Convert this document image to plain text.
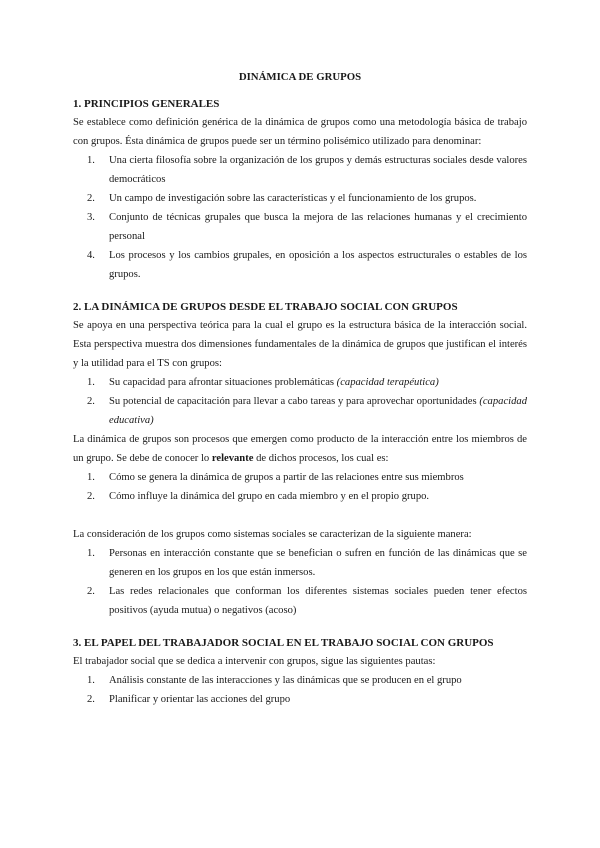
DINÁMICA DE GRUPOS
1. PRINCIPIOS GENERALES

Se establece como definición genérica de la dinámica de grupos como una metodología básica de trabajo con grupos. Ésta dinámica de grupos puede ser un término polisémico utilizado para denominar:

1.	Una cierta filosofía sobre la organización de los grupos y demás estructuras sociales desde valores democráticos
2.	Un campo de investigación sobre las características y el funcionamiento de los grupos.
3.	Conjunto de técnicas grupales que busca la mejora de las relaciones humanas y el crecimiento personal
4.	Los procesos y los cambios grupales, en oposición a los aspectos estructurales o estables de los grupos.
2. LA DINÁMICA DE GRUPOS DESDE EL TRABAJO SOCIAL CON GRUPOS

Se apoya en una perspectiva teórica para la cual el grupo es la estructura básica de la interacción social. Esta perspectiva muestra dos dimensiones fundamentales de la dinámica de grupos que justifican el interés y la utilidad para el TS con grupos:

1.	Su capacidad para afrontar situaciones problemáticas (capacidad terapéutica)
2.	Su potencial de capacitación para llevar a cabo tareas y para aprovechar oportunidades (capacidad educativa)

La dinámica de grupos son procesos que emergen como producto de la interacción entre los miembros de un grupo. Se debe de conocer lo relevante de dichos procesos, los cual es:

1.	Cómo se genera la dinámica de grupos a partir de las relaciones entre sus miembros
2.	Cómo influye la dinámica del grupo en cada miembro y en el propio grupo.

La consideración de los grupos como sistemas sociales se caracterizan de la siguiente manera:

1.	Personas en interacción constante que se benefician o sufren en función de las dinámicas que se generen en los grupos en los que están inmersos.
2.	Las redes relacionales que conforman los diferentes sistemas sociales pueden tener efectos positivos (ayuda mutua) o negativos (acoso)
3. EL PAPEL DEL TRABAJADOR SOCIAL EN EL TRABAJO SOCIAL CON GRUPOS

El trabajador social que se dedica a intervenir con grupos, sigue las siguientes pautas:

1.	Análisis constante de las interacciones y las dinámicas que se producen en el grupo
2.	Planificar y orientar las acciones del grupo
